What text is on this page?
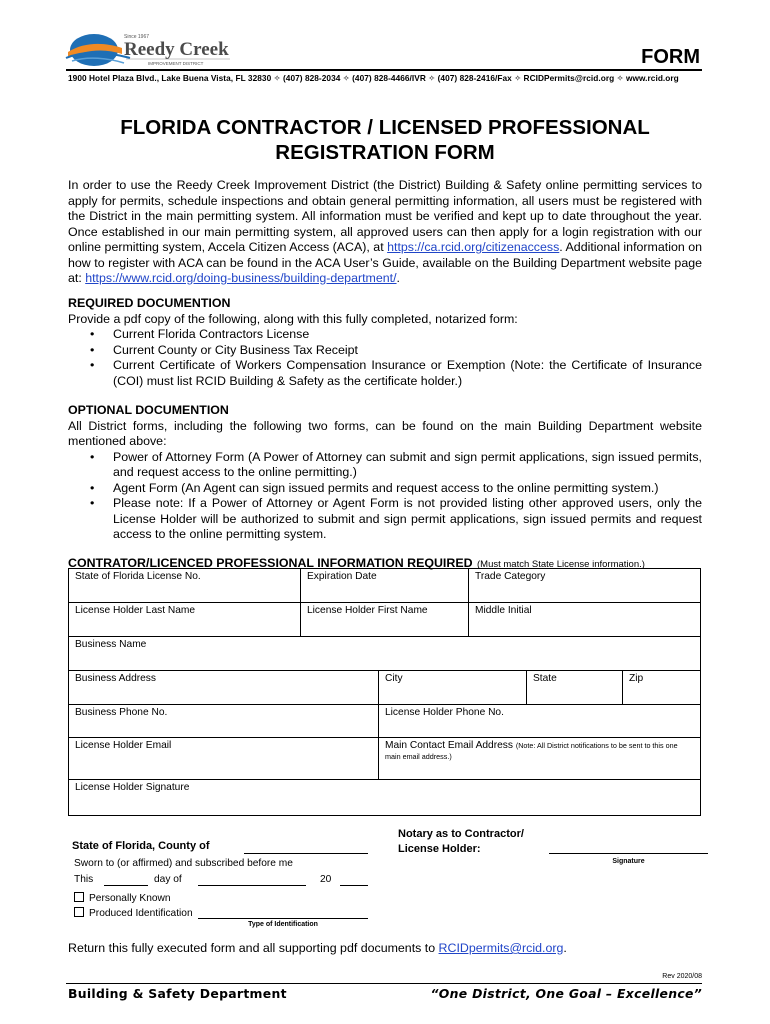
Since 1967
Reedy Creek
IMPROVEMENT DISTRICT	FORM
1900 Hotel Plaza Blvd., Lake Buena Vista, FL 32830 ✧ (407) 828-2034 ✧ (407) 828-4466/IVR ✧ (407) 828-2416/Fax ✧ RCIDPermits@rcid.org ✧ www.rcid.org
FLORIDA CONTRACTOR / LICENSED PROFESSIONAL
REGISTRATION FORM
In order to use the Reedy Creek Improvement District (the District) Building & Safety online permitting services to apply for permits, schedule inspections and obtain general permitting information, all users must be registered with the District in the main permitting system. All information must be verified and kept up to date throughout the year. Once established in our main permitting system, all approved users can then apply for a login registration with our online permitting system, Accela Citizen Access (ACA), at https://ca.rcid.org/citizenaccess. Additional information on how to register with ACA can be found in the ACA User’s Guide, available on the Building Department website page at: https://www.rcid.org/doing-business/building-department/.
REQUIRED DOCUMENTION
Provide a pdf copy of the following, along with this fully completed, notarized form:
• Current Florida Contractors License
• Current County or City Business Tax Receipt
• Current Certificate of Workers Compensation Insurance or Exemption (Note: the Certificate of Insurance (COI) must list RCID Building & Safety as the certificate holder.)
OPTIONAL DOCUMENTION
All District forms, including the following two forms, can be found on the main Building Department website mentioned above:
• Power of Attorney Form (A Power of Attorney can submit and sign permit applications, sign issued permits, and request access to the online permitting.)
• Agent Form (An Agent can sign issued permits and request access to the online permitting system.)
• Please note: If a Power of Attorney or Agent Form is not provided listing other approved users, only the License Holder will be authorized to submit and sign permit applications, sign issued permits and request access to the online permitting system.
CONTRATOR/LICENCED PROFESSIONAL INFORMATION REQUIRED (Must match State License information.)
State of Florida License No.	Expiration Date	Trade Category
License Holder Last Name	License Holder First Name	Middle Initial
Business Name
Business Address	City	State	Zip
Business Phone No.	License Holder Phone No.
License Holder Email	Main Contact Email Address (Note: All District notifications to be sent to this one main email address.)
License Holder Signature
State of Florida, County of
Notary as to Contractor/ License Holder:
Signature
Sworn to (or affirmed) and subscribed before me
This	day of	20
Personally Known
Produced Identification
Type of Identification
Return this fully executed form and all supporting pdf documents to RCIDpermits@rcid.org.
Rev 2020/08
Building & Safety Department	“One District, One Goal – Excellence”
